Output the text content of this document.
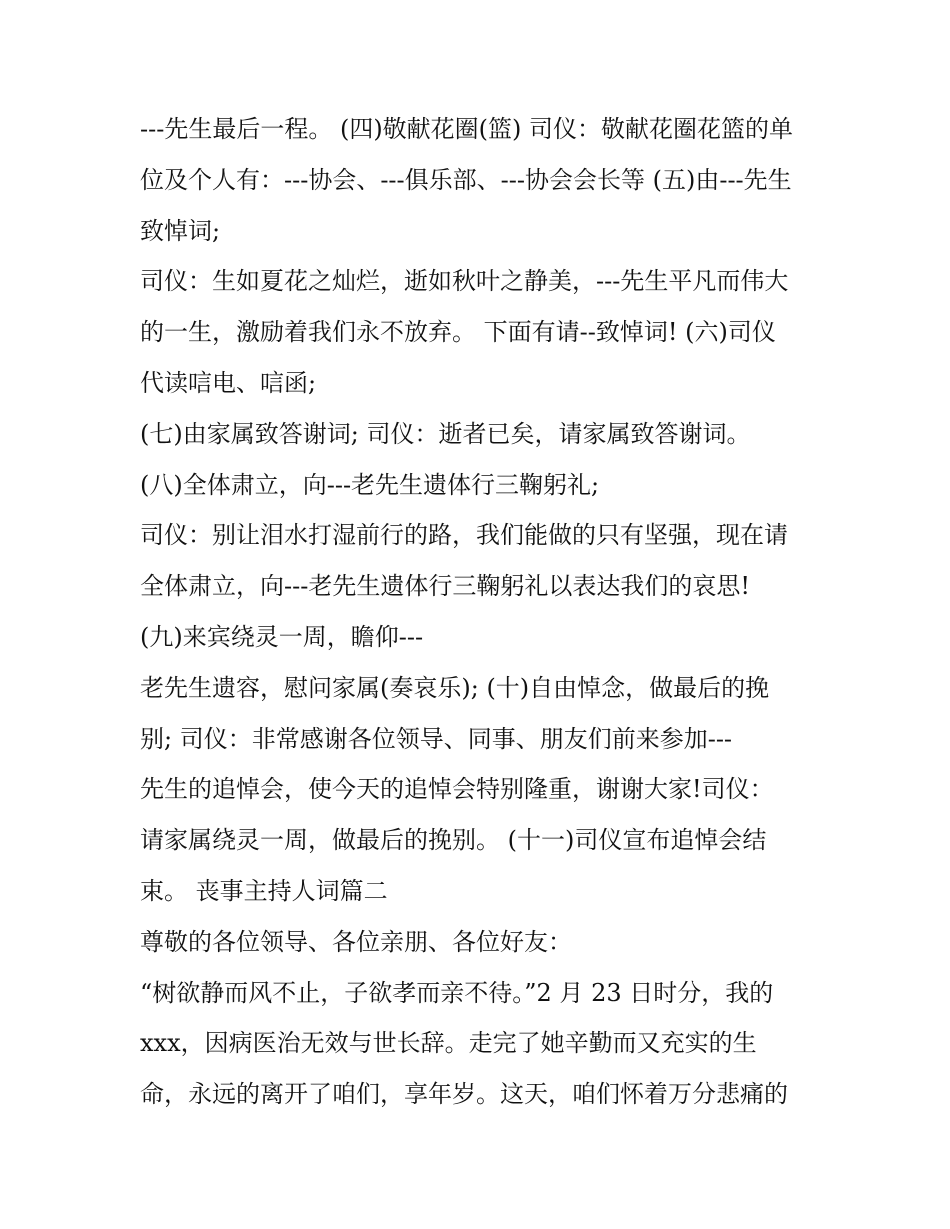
---先生最后一程。 (四)敬献花圈(篮) 司仪：敬献花圈花篮的单
位及个人有：---协会、---俱乐部、---协会会长等 (五)由---先生
致悼词;
司仪：生如夏花之灿烂，逝如秋叶之静美，---先生平凡而伟大
的一生，激励着我们永不放弃。 下面有请--致悼词! (六)司仪
代读唁电、唁函;
(七)由家属致答谢词; 司仪：逝者已矣，请家属致答谢词。
(八)全体肃立，向---老先生遗体行三鞠躬礼;
司仪：别让泪水打湿前行的路，我们能做的只有坚强，现在请
全体肃立，向---老先生遗体行三鞠躬礼以表达我们的哀思!
(九)来宾绕灵一周，瞻仰---
老先生遗容，慰问家属(奏哀乐); (十)自由悼念，做最后的挽
别; 司仪：非常感谢各位领导、同事、朋友们前来参加---
先生的追悼会，使今天的追悼会特别隆重，谢谢大家!司仪：
请家属绕灵一周，做最后的挽别。 (十一)司仪宣布追悼会结
束。 丧事主持人词篇二
尊敬的各位领导、各位亲朋、各位好友：
“树欲静而风不止，子欲孝而亲不待。”2 月 23 日时分，我的
xxx，因病医治无效与世长辞。走完了她辛勤而又充实的生
命，永远的离开了咱们，享年岁。这天，咱们怀着万分悲痛的
